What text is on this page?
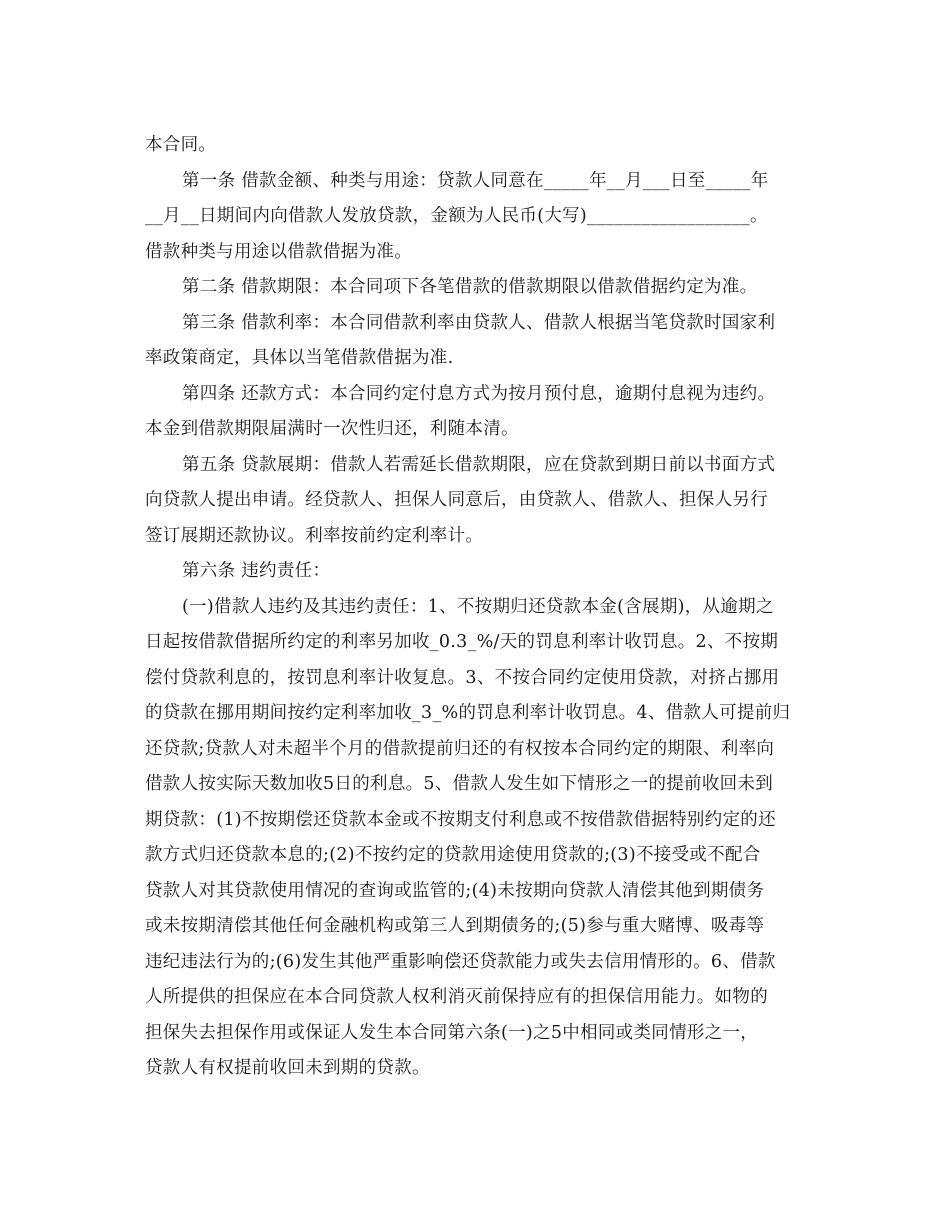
本合同。
第一条 借款金额、种类与用途：贷款人同意在_____年__月___日至_____年
__月__日期间内向借款人发放贷款，金额为人民币(大写)__________________。
借款种类与用途以借款借据为准。
第二条 借款期限：本合同项下各笔借款的借款期限以借款借据约定为准。
第三条 借款利率：本合同借款利率由贷款人、借款人根据当笔贷款时国家利
率政策商定，具体以当笔借款借据为准.
第四条 还款方式：本合同约定付息方式为按月预付息，逾期付息视为违约。
本金到借款期限届满时一次性归还，利随本清。
第五条 贷款展期：借款人若需延长借款期限，应在贷款到期日前以书面方式
向贷款人提出申请。经贷款人、担保人同意后，由贷款人、借款人、担保人另行
签订展期还款协议。利率按前约定利率计。
第六条 违约责任：
(一)借款人违约及其违约责任：1、不按期归还贷款本金(含展期)，从逾期之
日起按借款借据所约定的利率另加收_0.3_%/天的罚息利率计收罚息。2、不按期
偿付贷款利息的，按罚息利率计收复息。3、不按合同约定使用贷款，对挤占挪用
的贷款在挪用期间按约定利率加收_3_%的罚息利率计收罚息。4、借款人可提前归
还贷款;贷款人对未超半个月的借款提前归还的有权按本合同约定的期限、利率向
借款人按实际天数加收5日的利息。5、借款人发生如下情形之一的提前收回未到
期贷款：(1)不按期偿还贷款本金或不按期支付利息或不按借款借据特别约定的还
款方式归还贷款本息的;(2)不按约定的贷款用途使用贷款的;(3)不接受或不配合
贷款人对其贷款使用情况的查询或监管的;(4)未按期向贷款人清偿其他到期债务
或未按期清偿其他任何金融机构或第三人到期债务的;(5)参与重大赌博、吸毒等
违纪违法行为的;(6)发生其他严重影响偿还贷款能力或失去信用情形的。6、借款
人所提供的担保应在本合同贷款人权利消灭前保持应有的担保信用能力。如物的
担保失去担保作用或保证人发生本合同第六条(一)之5中相同或类同情形之一，
贷款人有权提前收回未到期的贷款。
